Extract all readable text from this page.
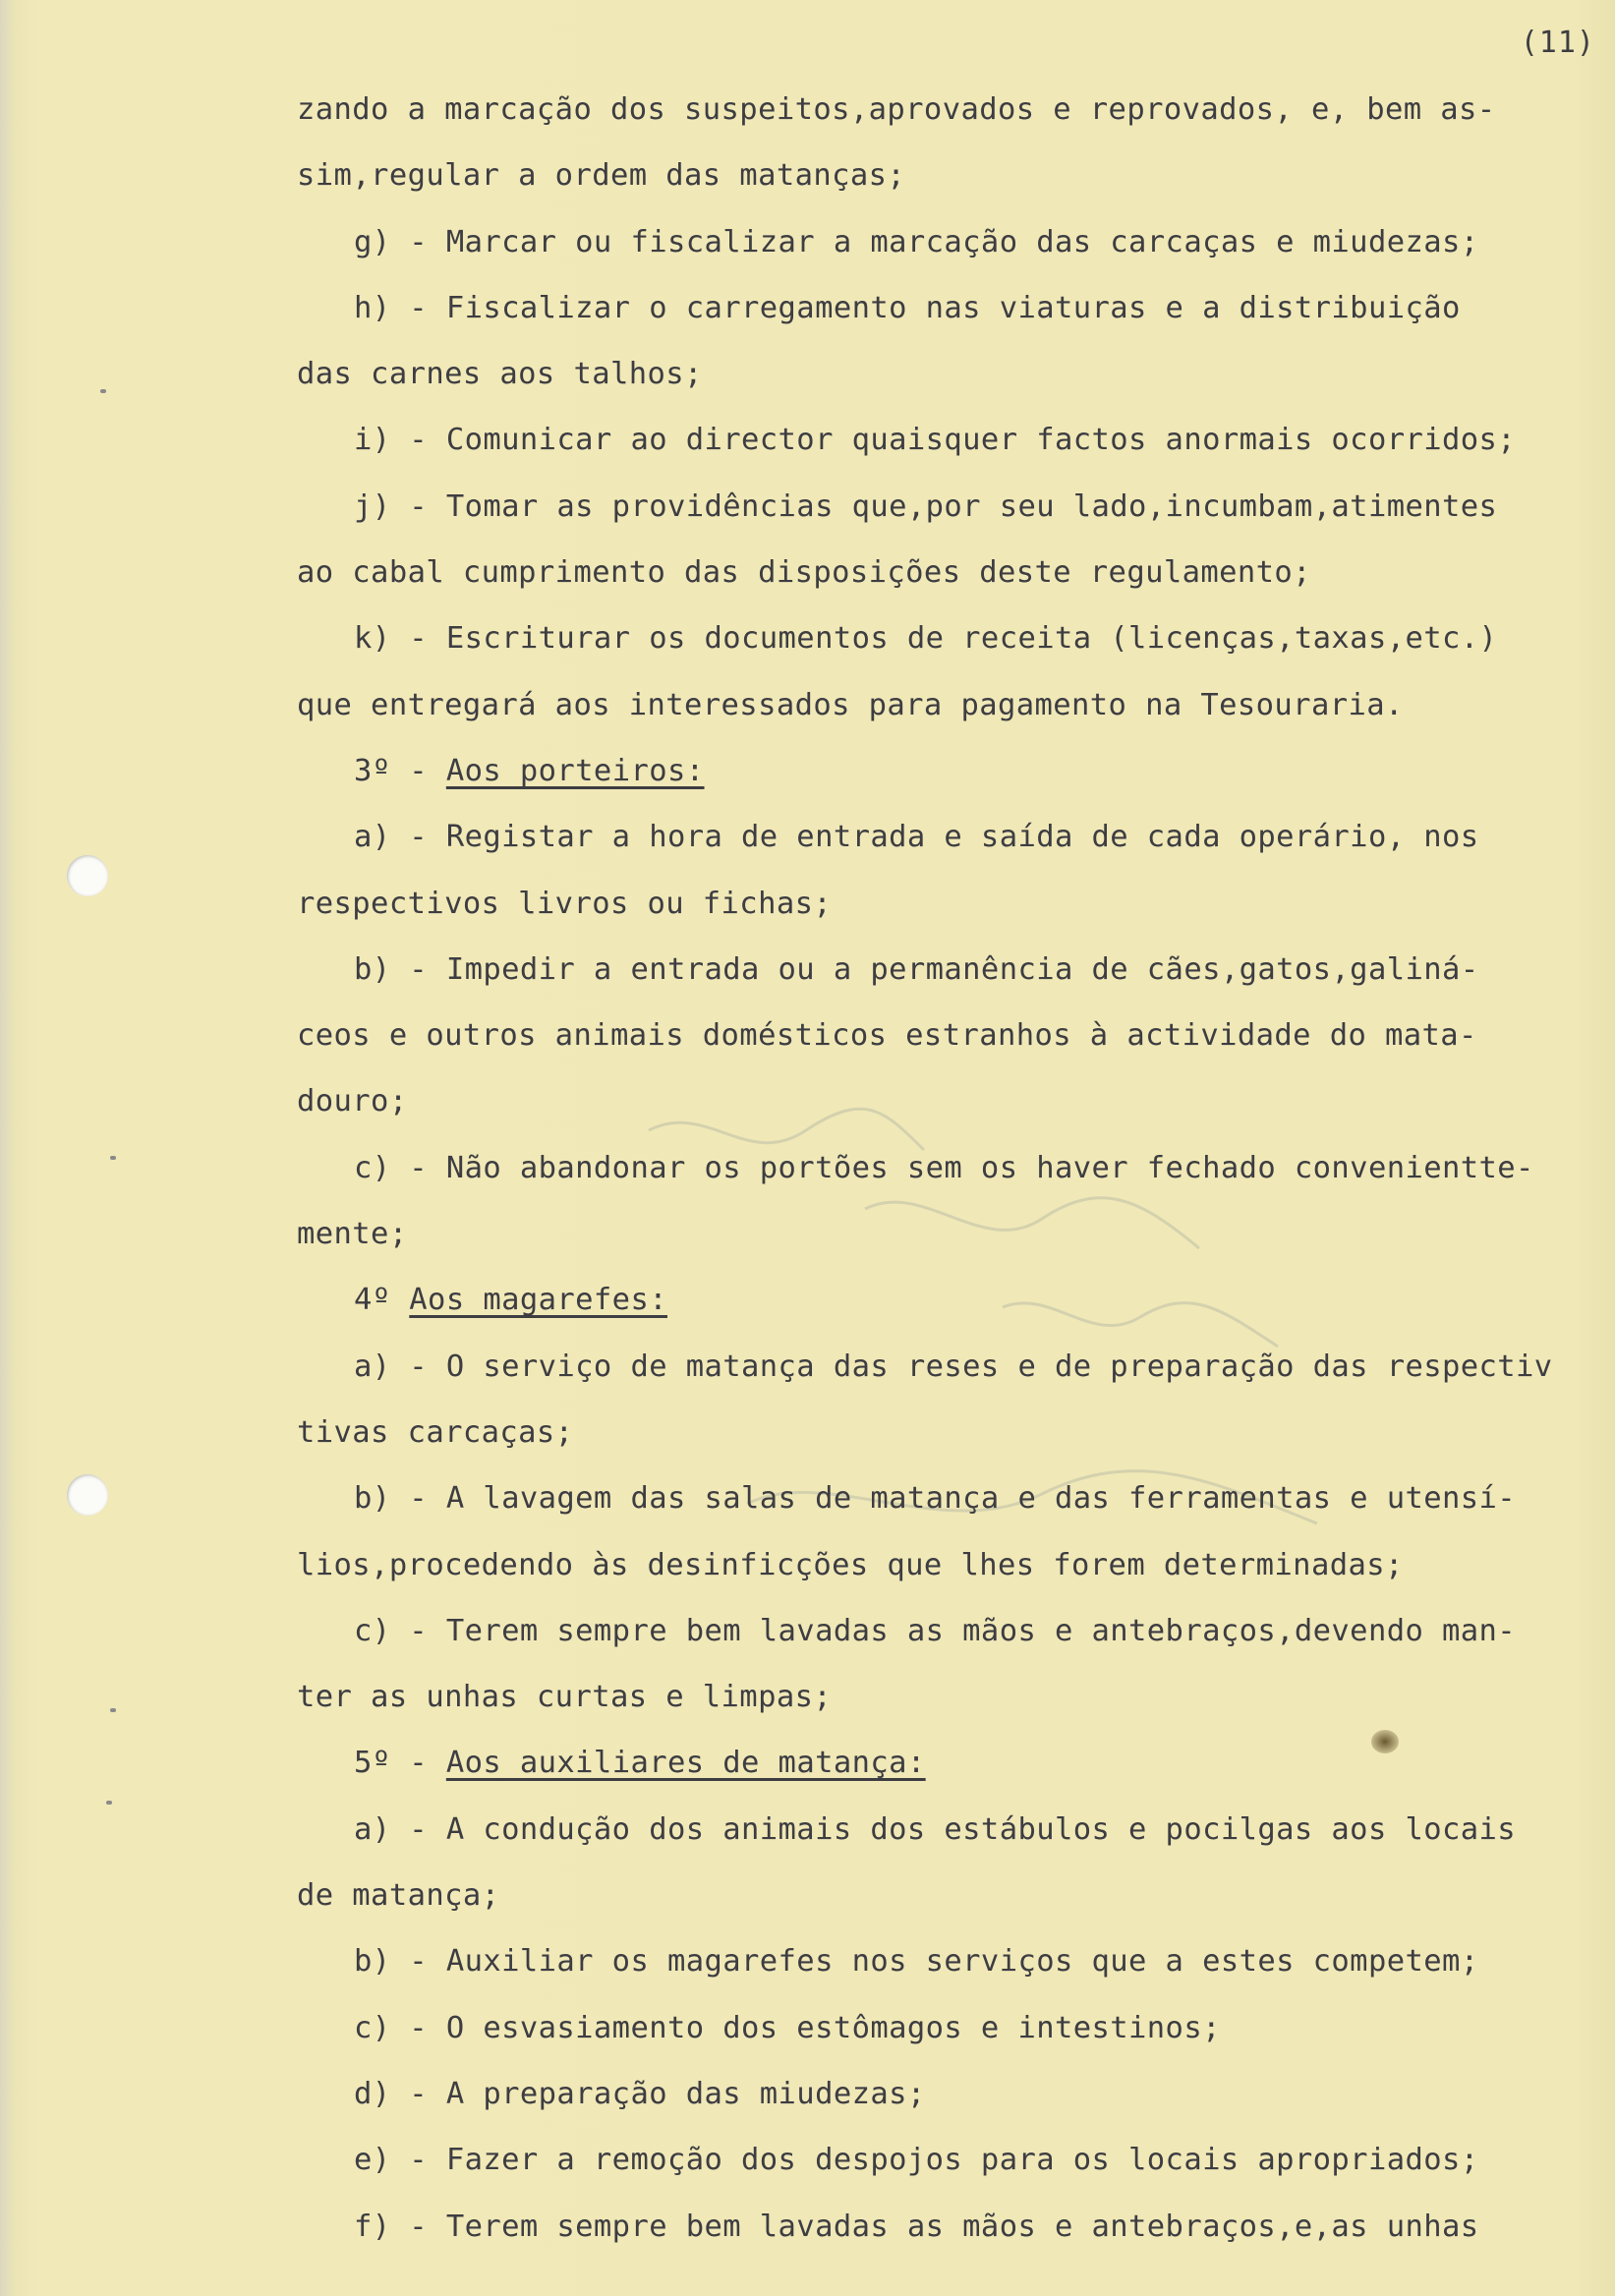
(11)
zando a marcação dos suspeitos,aprovados e reprovados, e, bem as-
sim,regular a ordem das matanças;
g) - Marcar ou fiscalizar a marcação das carcaças e miudezas;
h) - Fiscalizar o carregamento nas viaturas e a distribuição
das carnes aos talhos;
i) - Comunicar ao director quaisquer factos anormais ocorridos;
j) - Tomar as providências que,por seu lado,incumbam,atimentes
ao cabal cumprimento das disposições deste regulamento;
k) - Escriturar os documentos de receita (licenças,taxas,etc.)
que entregará aos interessados para pagamento na Tesouraria.
3º - Aos porteiros:
a) - Registar a hora de entrada e saída de cada operário, nos
respectivos livros ou fichas;
b) - Impedir a entrada ou a permanência de cães,gatos,galiná-
ceos e outros animais domésticos estranhos à actividade do mata-
douro;
c) - Não abandonar os portões sem os haver fechado convenientte-
mente;
4º Aos magarefes:
a) - O serviço de matança das reses e de preparação das respectiv
tivas carcaças;
b) - A lavagem das salas de matança e das ferramentas e utensí-
lios,procedendo às desinficções que lhes forem determinadas;
c) - Terem sempre bem lavadas as mãos e antebraços,devendo man-
ter as unhas curtas e limpas;
5º - Aos auxiliares de matança:
a) - A condução dos animais dos estábulos e pocilgas aos locais
de matança;
b) - Auxiliar os magarefes nos serviços que a estes competem;
c) - O esvasiamento dos estômagos e intestinos;
d) - A preparação das miudezas;
e) - Fazer a remoção dos despojos para os locais apropriados;
f) - Terem sempre bem lavadas as mãos e antebraços,e,as unhas
